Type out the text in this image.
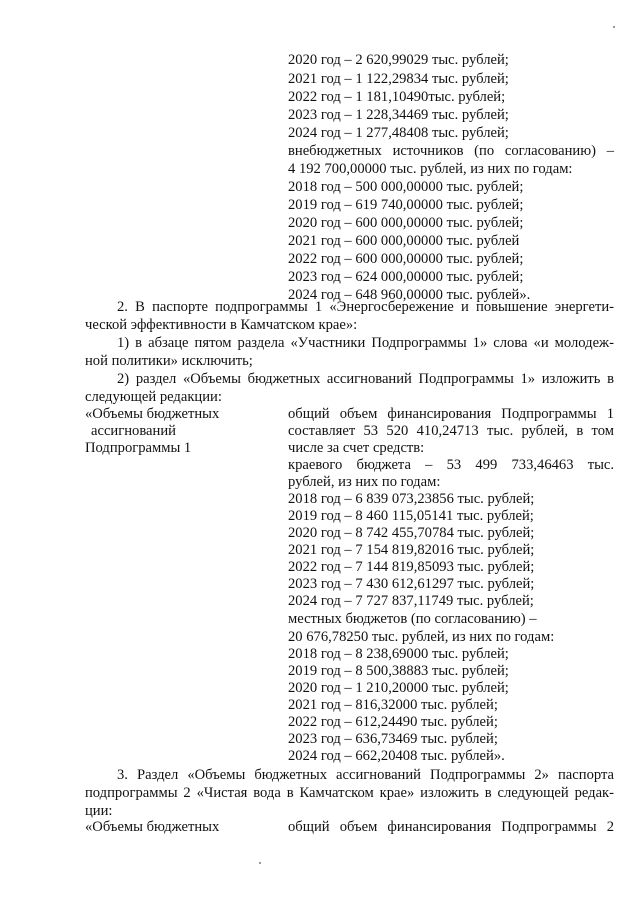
2020 год – 2 620,99029 тыс. рублей;
2021 год – 1 122,29834 тыс. рублей;
2022 год – 1 181,10490тыс. рублей;
2023 год – 1 228,34469 тыс. рублей;
2024 год – 1 277,48408 тыс. рублей;
внебюджетных источников (по согласованию) –
4 192 700,00000 тыс. рублей, из них по годам:
2018 год – 500 000,00000 тыс. рублей;
2019 год – 619 740,00000 тыс. рублей;
2020 год – 600 000,00000 тыс. рублей;
2021 год – 600 000,00000 тыс. рублей
2022 год – 600 000,00000 тыс. рублей;
2023 год – 624 000,00000 тыс. рублей;
2024 год – 648 960,00000 тыс. рублей».
2. В паспорте подпрограммы 1 «Энергосбережение и повышение энергети-
ческой эффективности в Камчатском крае»:
1) в абзаце пятом раздела «Участники Подпрограммы 1» слова «и молодеж-
ной политики» исключить;
2) раздел «Объемы бюджетных ассигнований Подпрограммы 1» изложить в
следующей редакции:
«Объемы бюджетных
ассигнований
Подпрограммы 1
общий объем финансирования Подпрограммы 1
составляет 53 520 410,24713 тыс. рублей, в том
числе за счет средств:
краевого бюджета – 53 499 733,46463 тыс.
рублей, из них по годам:
2018 год – 6 839 073,23856 тыс. рублей;
2019 год – 8 460 115,05141 тыс. рублей;
2020 год – 8 742 455,70784 тыс. рублей;
2021 год – 7 154 819,82016 тыс. рублей;
2022 год – 7 144 819,85093 тыс. рублей;
2023 год – 7 430 612,61297 тыс. рублей;
2024 год – 7 727 837,11749 тыс. рублей;
местных бюджетов (по согласованию) –
20 676,78250 тыс. рублей, из них по годам:
2018 год – 8 238,69000 тыс. рублей;
2019 год – 8 500,38883 тыс. рублей;
2020 год – 1 210,20000 тыс. рублей;
2021 год – 816,32000 тыс. рублей;
2022 год – 612,24490 тыс. рублей;
2023 год – 636,73469 тыс. рублей;
2024 год – 662,20408 тыс. рублей».
3. Раздел «Объемы бюджетных ассигнований Подпрограммы 2» паспорта
подпрограммы 2 «Чистая вода в Камчатском крае» изложить в следующей редак-
ции:
«Объемы бюджетных	общий объем финансирования Подпрограммы 2
